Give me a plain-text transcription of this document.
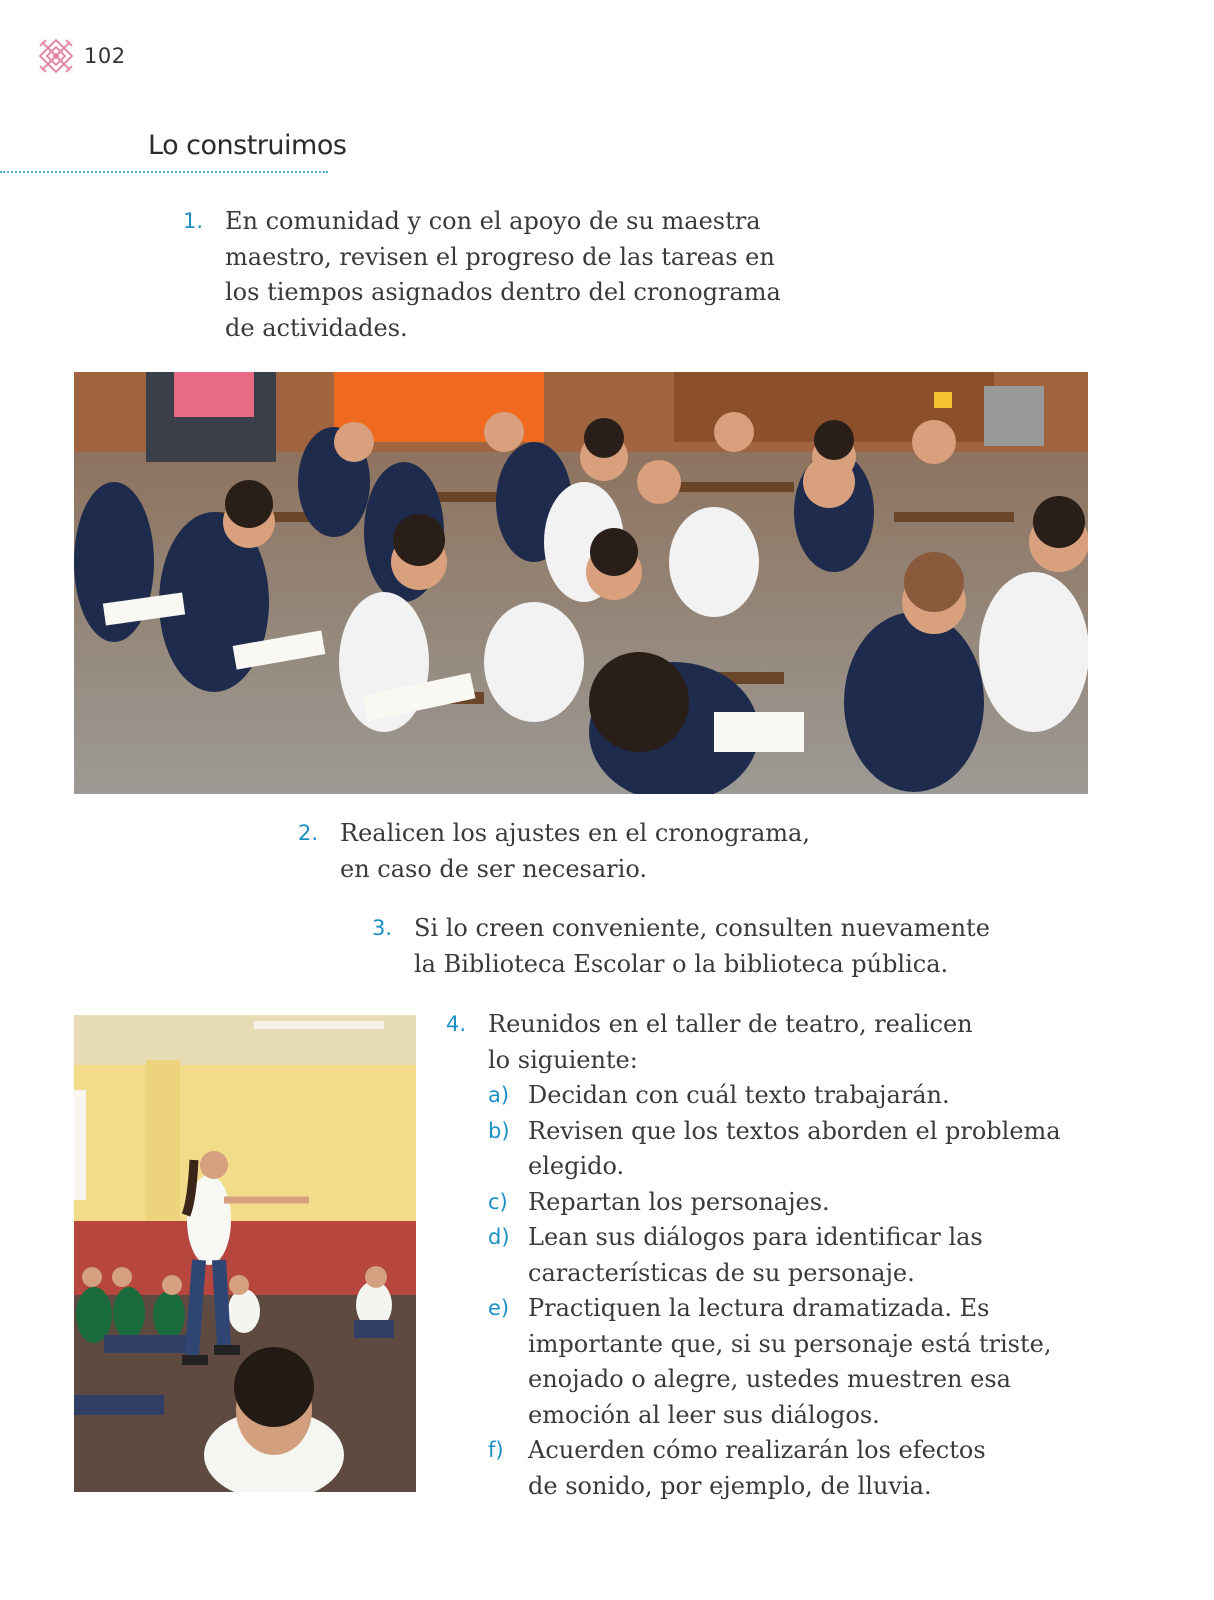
102
Lo construimos
1. En comunidad y con el apoyo de su maestra
maestro, revisen el progreso de las tareas en
los tiempos asignados dentro del cronograma
de actividades.
2. Realicen los ajustes en el cronograma,
en caso de ser necesario.
3. Si lo creen conveniente, consulten nuevamente
la Biblioteca Escolar o la biblioteca pública.
4. Reunidos en el taller de teatro, realicen
lo siguiente:
a) Decidan con cuál texto trabajarán.
b) Revisen que los textos aborden el problema
elegido.
c) Repartan los personajes.
d) Lean sus diálogos para identificar las
características de su personaje.
e) Practiquen la lectura dramatizada. Es
importante que, si su personaje está triste,
enojado o alegre, ustedes muestren esa
emoción al leer sus diálogos.
f) Acuerden cómo realizarán los efectos
de sonido, por ejemplo, de lluvia.
